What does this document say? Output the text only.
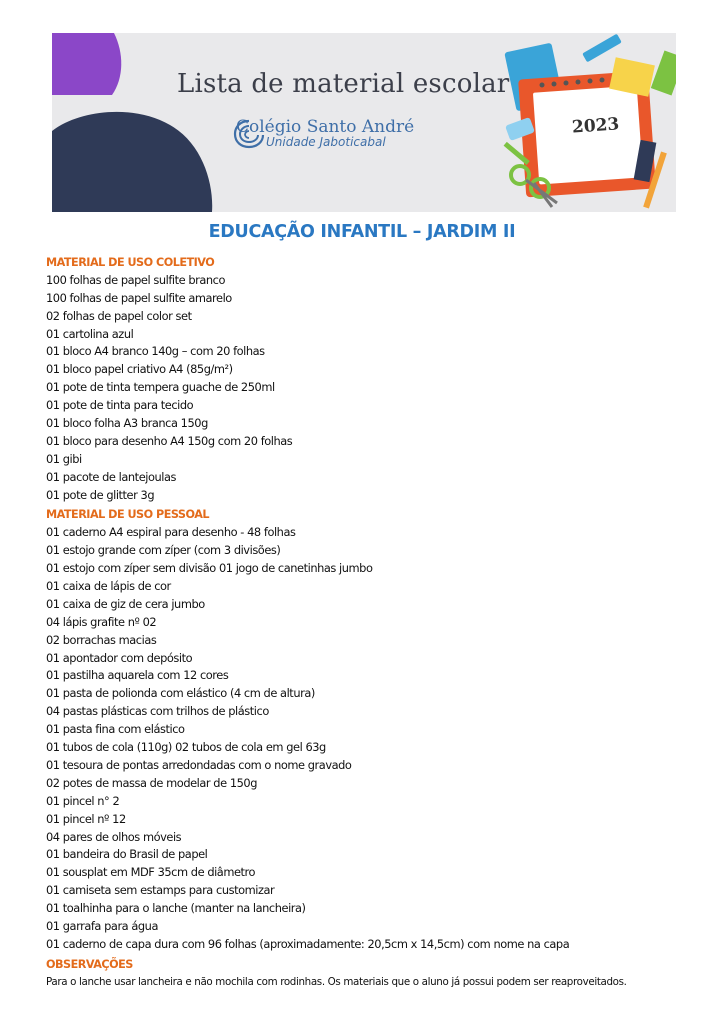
Lista de material escolar
Colégio Santo André
Unidade Jaboticabal
2023
EDUCAÇÃO INFANTIL – JARDIM II
MATERIAL DE USO COLETIVO
100 folhas de papel sulfite branco
100 folhas de papel sulfite amarelo
02 folhas de papel color set
01 cartolina azul
01 bloco A4 branco 140g – com 20 folhas
01 bloco papel criativo A4 (85g/m²)
01 pote de tinta tempera guache de 250ml
01 pote de tinta para tecido
01 bloco folha A3 branca 150g
01 bloco para desenho A4 150g com 20 folhas
01 gibi
01 pacote de lantejoulas
01 pote de glitter 3g
MATERIAL DE USO PESSOAL
01 caderno A4 espiral para desenho - 48 folhas
01 estojo grande com zíper (com 3 divisões)
01 estojo com zíper sem divisão 01 jogo de canetinhas jumbo
01 caixa de lápis de cor
01 caixa de giz de cera jumbo
04 lápis grafite nº 02
02 borrachas macias
01 apontador com depósito
01 pastilha aquarela com 12 cores
01 pasta de polionda com elástico (4 cm de altura)
04 pastas plásticas com trilhos de plástico
01 pasta fina com elástico
01 tubos de cola (110g) 02 tubos de cola em gel 63g
01 tesoura de pontas arredondadas com o nome gravado
02 potes de massa de modelar de 150g
01 pincel n° 2
01 pincel nº 12
04 pares de olhos móveis
01 bandeira do Brasil de papel
01 sousplat em MDF 35cm de diâmetro
01 camiseta sem estamps para customizar
01 toalhinha para o lanche (manter na lancheira)
01 garrafa para água
01 caderno de capa dura com 96 folhas (aproximadamente: 20,5cm x 14,5cm) com nome na capa
OBSERVAÇÕES
Para o lanche usar lancheira e não mochila com rodinhas. Os materiais que o aluno já possui podem ser reaproveitados.
